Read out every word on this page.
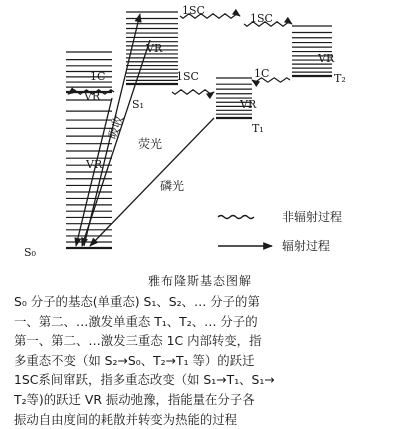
S₀
S₁
T₁
T₂
VR
VR
VR
VR
VR
1C	1C
1SC
1SC
1SC
吸收
荧光
磷光
非辐射过程
辐射过程
雅布隆斯基态图解
S₀ 分子的基态(单重态) S₁、S₂、… 分子的第
一、第二、…激发单重态 T₁、T₂、… 分子的
第一、第二、…激发三重态 1C 内部转变，指
多重态不变（如 S₂→S₀、T₂→T₁ 等）的跃迁
1SC系间窜跃，指多重态改变（如 S₁→T₁、S₁→
T₂等)的跃迁 VR 振动弛豫，指能量在分子各
振动自由度间的耗散并转变为热能的过程
